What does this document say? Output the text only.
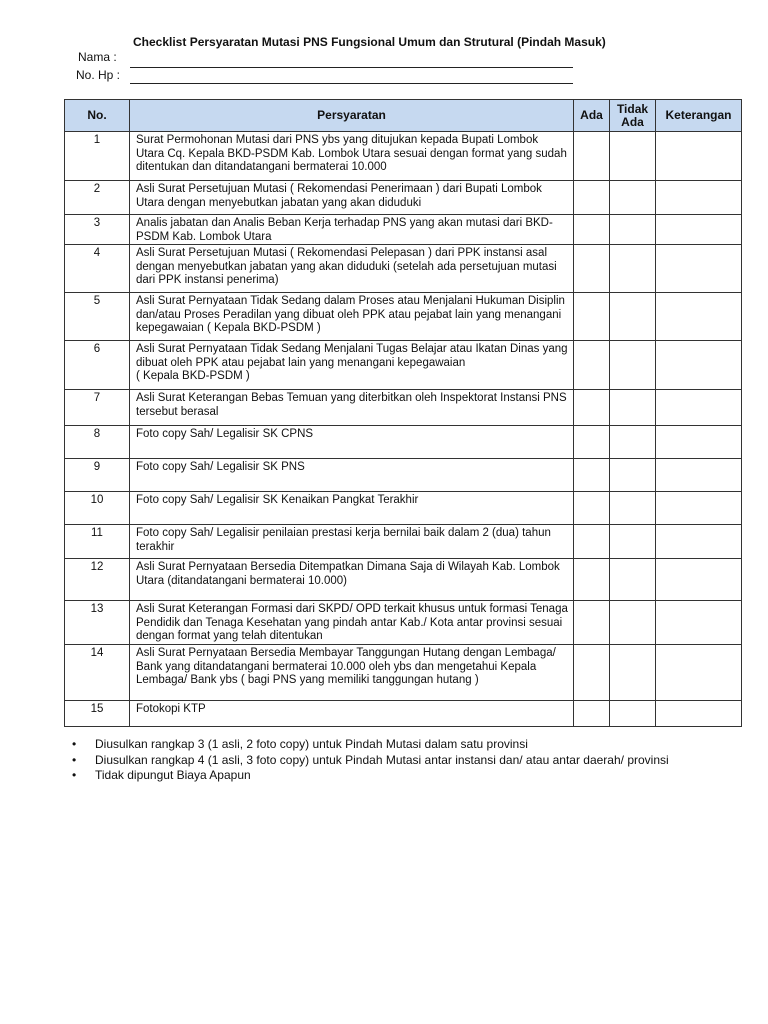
Checklist Persyaratan Mutasi PNS Fungsional Umum dan Strutural (Pindah Masuk)
Nama :
No. Hp :
No.	Persyaratan	Ada	Tidak Ada	Keterangan
1	Surat Permohonan Mutasi dari PNS ybs yang ditujukan kepada Bupati Lombok Utara Cq. Kepala BKD-PSDM Kab. Lombok Utara sesuai dengan format yang sudah ditentukan dan ditandatangani bermaterai 10.000			
2	Asli Surat Persetujuan Mutasi ( Rekomendasi Penerimaan ) dari Bupati Lombok Utara dengan menyebutkan jabatan yang akan diduduki			
3	Analis jabatan dan Analis Beban Kerja terhadap PNS yang akan mutasi dari BKD-PSDM Kab. Lombok Utara			
4	Asli Surat Persetujuan Mutasi ( Rekomendasi Pelepasan ) dari PPK instansi asal dengan menyebutkan jabatan yang akan diduduki (setelah ada persetujuan mutasi dari PPK instansi penerima)			
5	Asli Surat Pernyataan Tidak Sedang dalam Proses atau Menjalani Hukuman Disiplin dan/atau Proses Peradilan yang dibuat oleh PPK atau pejabat lain yang menangani kepegawaian ( Kepala BKD-PSDM )			
6	Asli Surat Pernyataan Tidak Sedang Menjalani Tugas Belajar atau Ikatan Dinas yang dibuat oleh PPK atau pejabat lain yang menangani kepegawaian
( Kepala BKD-PSDM )			
7	Asli Surat Keterangan Bebas Temuan yang diterbitkan oleh Inspektorat Instansi PNS tersebut berasal			
8	Foto copy Sah/ Legalisir SK CPNS			
9	Foto copy Sah/ Legalisir SK PNS			
10	Foto copy Sah/ Legalisir SK Kenaikan Pangkat Terakhir			
11	Foto copy Sah/ Legalisir penilaian prestasi kerja bernilai baik dalam 2 (dua) tahun terakhir			
12	Asli Surat Pernyataan Bersedia Ditempatkan Dimana Saja di Wilayah Kab. Lombok
Utara (ditandatangani bermaterai 10.000)			
13	Asli Surat Keterangan Formasi dari SKPD/ OPD terkait khusus untuk formasi Tenaga Pendidik dan Tenaga Kesehatan yang pindah antar Kab./ Kota antar provinsi sesuai dengan format yang telah ditentukan			
14	Asli Surat Pernyataan Bersedia Membayar Tanggungan Hutang dengan Lembaga/ Bank yang ditandatangani bermaterai 10.000 oleh ybs dan mengetahui Kepala Lembaga/ Bank ybs ( bagi PNS yang memiliki tanggungan hutang )			
15	Fotokopi KTP			
• Diusulkan rangkap 3 (1 asli, 2 foto copy) untuk Pindah Mutasi dalam satu provinsi
• Diusulkan rangkap 4 (1 asli, 3 foto copy) untuk Pindah Mutasi antar instansi dan/ atau antar daerah/ provinsi
• Tidak dipungut Biaya Apapun
